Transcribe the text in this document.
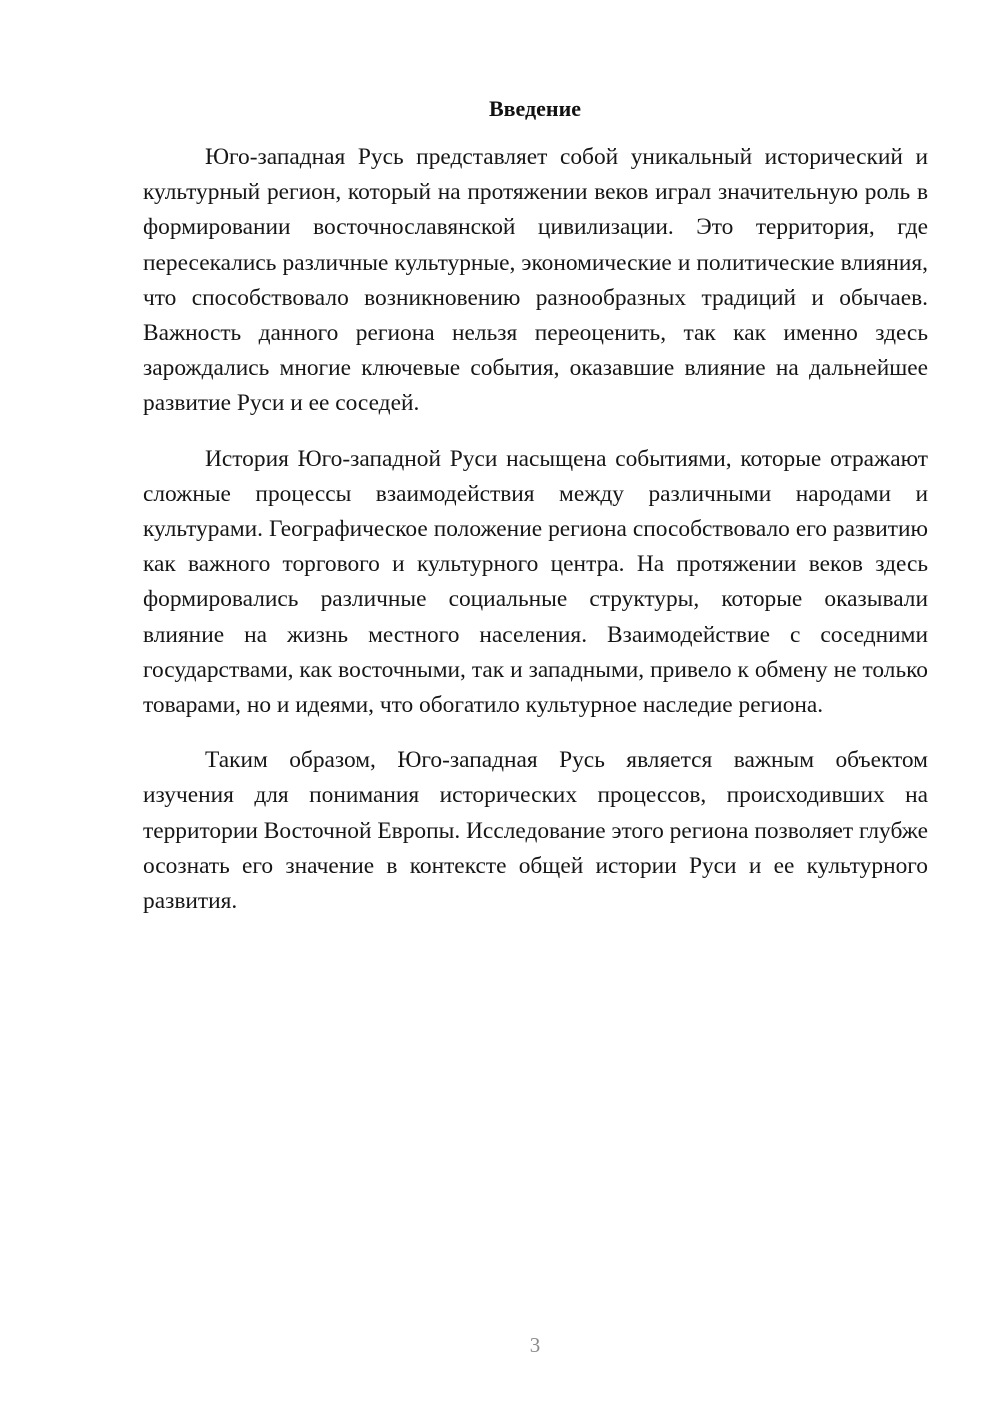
Введение

Юго-западная Русь представляет собой уникальный исторический и культурный регион, который на протяжении веков играл значительную роль в формировании восточнославянской цивилизации. Это территория, где пересекались различные культурные, экономические и политические влияния, что способствовало возникновению разнообразных традиций и обычаев. Важность данного региона нельзя переоценить, так как именно здесь зарождались многие ключевые события, оказавшие влияние на дальнейшее развитие Руси и ее соседей.

История Юго-западной Руси насыщена событиями, которые отражают сложные процессы взаимодействия между различными народами и культурами. Географическое положение региона способствовало его развитию как важного торгового и культурного центра. На протяжении веков здесь формировались различные социальные структуры, которые оказывали влияние на жизнь местного населения. Взаимодействие с соседними государствами, как восточными, так и западными, привело к обмену не только товарами, но и идеями, что обогатило культурное наследие региона.

Таким образом, Юго-западная Русь является важным объектом изучения для понимания исторических процессов, происходивших на территории Восточной Европы. Исследование этого региона позволяет глубже осознать его значение в контексте общей истории Руси и ее культурного развития.

3
